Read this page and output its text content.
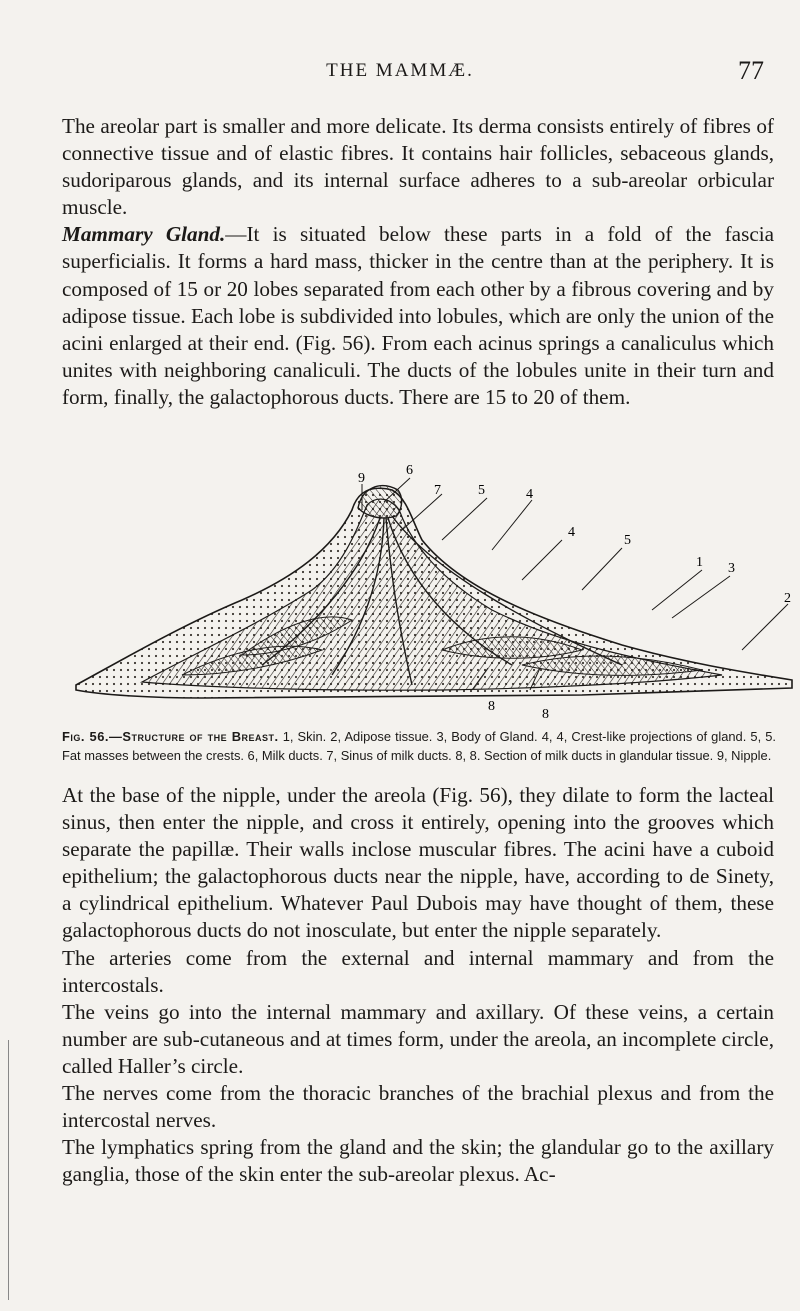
THE MAMMÆ.	77

The areolar part is smaller and more delicate. Its derma consists entirely of fibres of connective tissue and of elastic fibres. It contains hair follicles, sebaceous glands, sudoriparous glands, and its internal surface adheres to a sub-areolar orbicular muscle.

Mammary Gland.—It is situated below these parts in a fold of the fascia superficialis. It forms a hard mass, thicker in the centre than at the periphery. It is composed of 15 or 20 lobes separated from each other by a fibrous covering and by adipose tissue. Each lobe is subdivided into lobules, which are only the union of the acini enlarged at their end. (Fig. 56). From each acinus springs a canaliculus which unites with neighboring canaliculi. The ducts of the lobules unite in their turn and form, finally, the galactophorous ducts. There are 15 to 20 of them.

9
6
7	5	4
4
5
1 3
2
8
8

Fig. 56.—Structure of the Breast. 1, Skin. 2, Adipose tissue. 3, Body of Gland. 4, 4, Crest-like projections of gland. 5, 5. Fat masses between the crests. 6, Milk ducts. 7, Sinus of milk ducts. 8, 8. Section of milk ducts in glandular tissue. 9, Nipple.

At the base of the nipple, under the areola (Fig. 56), they dilate to form the lacteal sinus, then enter the nipple, and cross it entirely, opening into the grooves which separate the papillæ. Their walls inclose muscular fibres. The acini have a cuboid epithelium; the galactophorous ducts near the nipple, have, according to de Sinety, a cylindrical epithelium. Whatever Paul Dubois may have thought of them, these galactophorous ducts do not inosculate, but enter the nipple separately.

The arteries come from the external and internal mammary and from the intercostals.

The veins go into the internal mammary and axillary. Of these veins, a certain number are sub-cutaneous and at times form, under the areola, an incomplete circle, called Haller’s circle.

The nerves come from the thoracic branches of the brachial plexus and from the intercostal nerves.

The lymphatics spring from the gland and the skin; the glandular go to the axillary ganglia, those of the skin enter the sub-areolar plexus. Ac-
